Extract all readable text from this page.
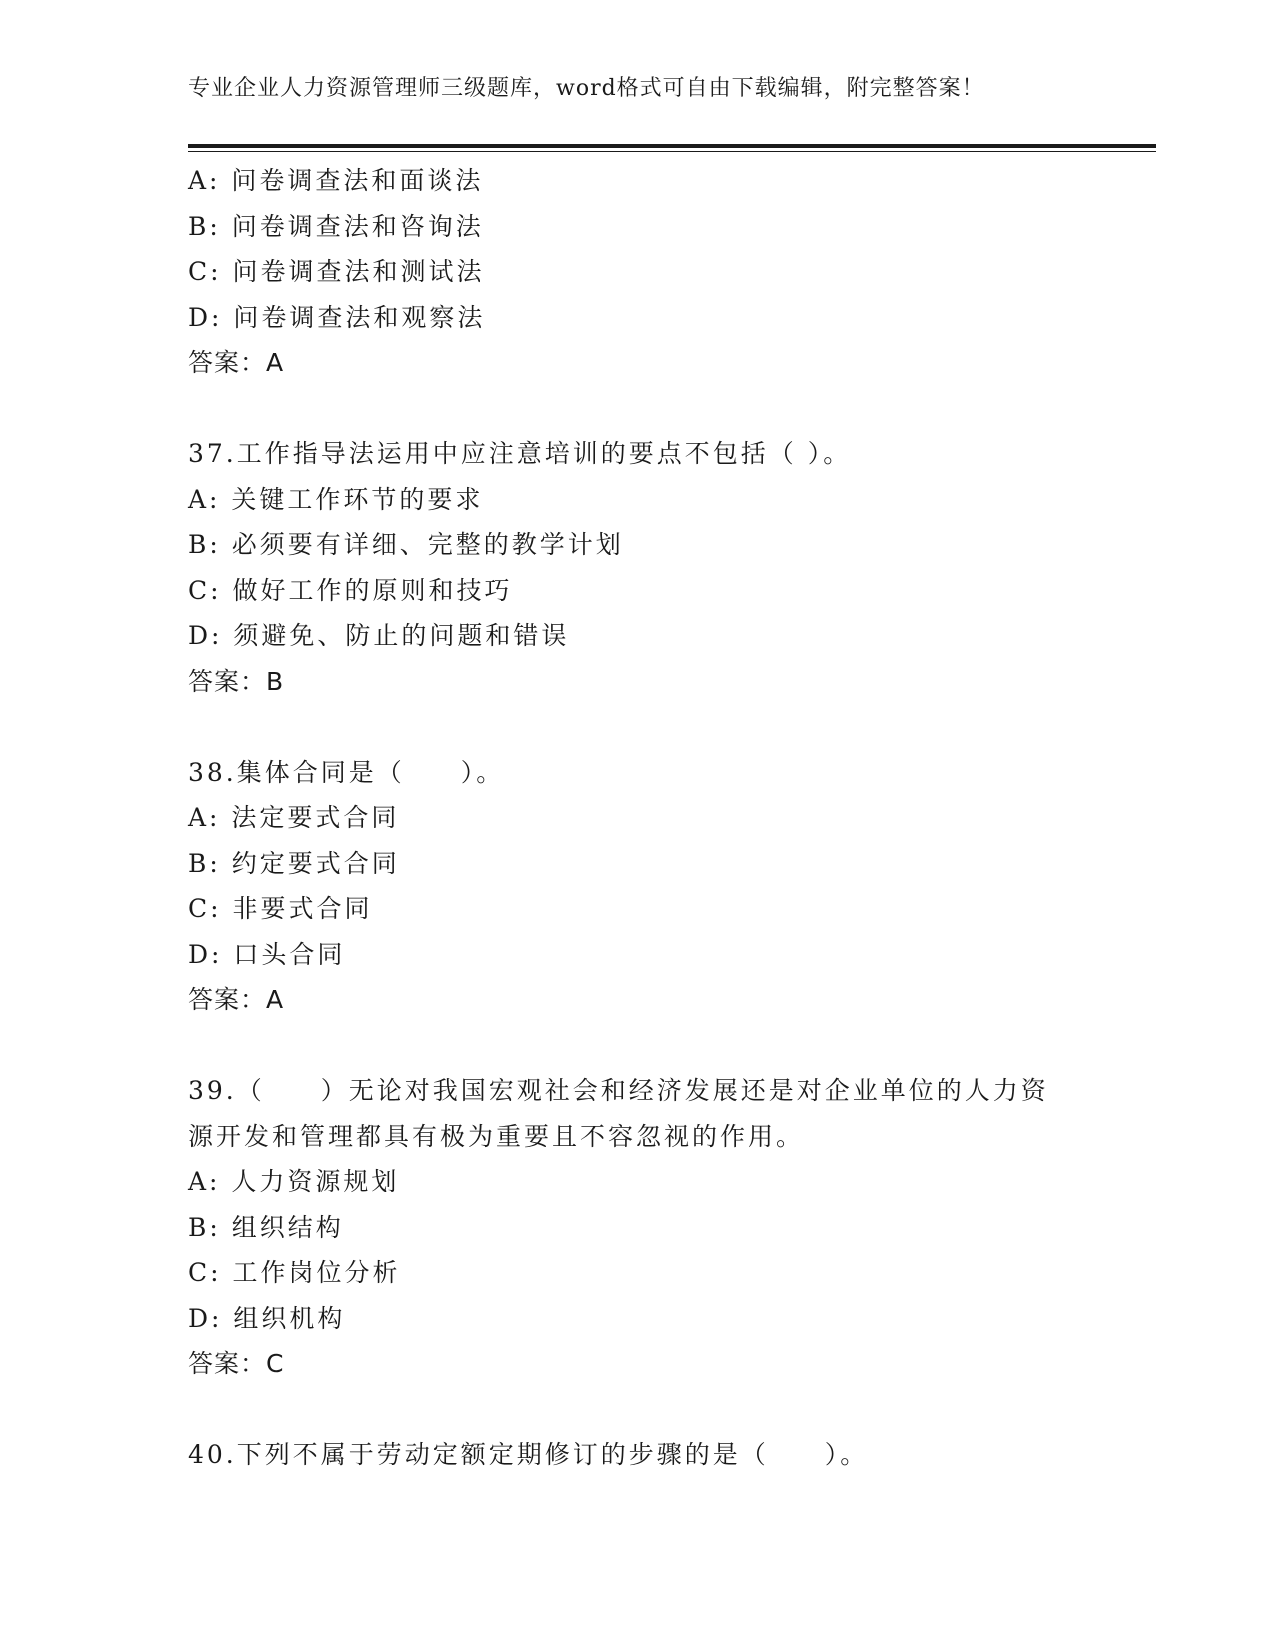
专业企业人力资源管理师三级题库，word格式可自由下载编辑，附完整答案！
A: 问卷调查法和面谈法
B: 问卷调查法和咨询法
C: 问卷调查法和测试法
D: 问卷调查法和观察法
答案：A
37.工作指导法运用中应注意培训的要点不包括（ ）。
A: 关键工作环节的要求
B: 必须要有详细、完整的教学计划
C: 做好工作的原则和技巧
D: 须避免、防止的问题和错误
答案：B
38.集体合同是（　　）。
A: 法定要式合同
B: 约定要式合同
C: 非要式合同
D: 口头合同
答案：A
39.（　　）无论对我国宏观社会和经济发展还是对企业单位的人力资
源开发和管理都具有极为重要且不容忽视的作用。
A: 人力资源规划
B: 组织结构
C: 工作岗位分析
D: 组织机构
答案：C
40.下列不属于劳动定额定期修订的步骤的是（　　）。
